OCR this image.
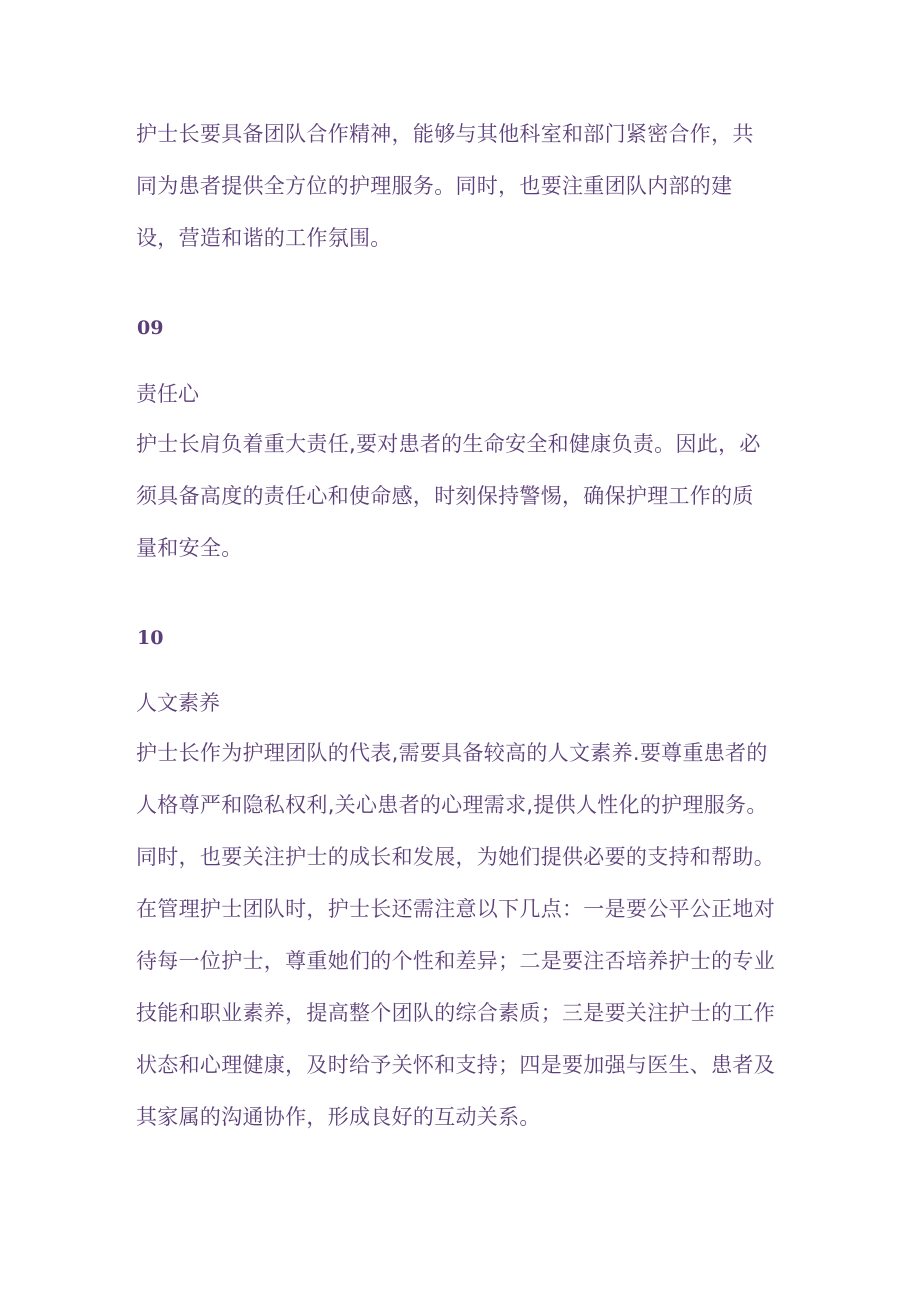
护士长要具备团队合作精神，能够与其他科室和部门紧密合作，共
同为患者提供全方位的护理服务。同时，也要注重团队内部的建
设，营造和谐的工作氛围。

09
责任心

护士长肩负着重大责任,要对患者的生命安全和健康负责。因此，必
须具备高度的责任心和使命感，时刻保持警惕，确保护理工作的质
量和安全。

10
人文素养

护士长作为护理团队的代表,需要具备较高的人文素养.要尊重患者的
人格尊严和隐私权利,关心患者的心理需求,提供人性化的护理服务。
同时，也要关注护士的成长和发展，为她们提供必要的支持和帮助。
在管理护士团队时，护士长还需注意以下几点：一是要公平公正地对
待每一位护士，尊重她们的个性和差异；二是要注否培养护士的专业
技能和职业素养，提高整个团队的综合素质；三是要关注护士的工作
状态和心理健康，及时给予关怀和支持；四是要加强与医生、患者及
其家属的沟通协作，形成良好的互动关系。
